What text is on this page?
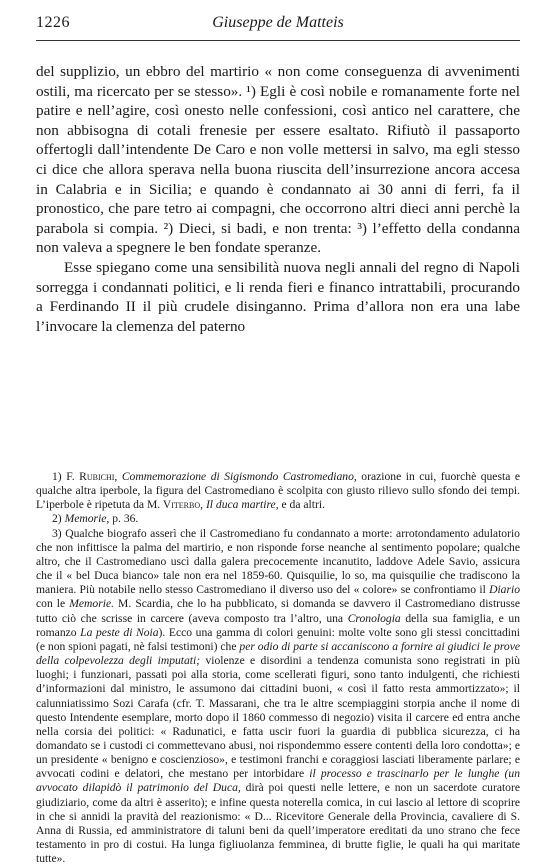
1226	Giuseppe de Matteis

del supplizio, un ebbro del martirio « non come conseguenza di avvenimenti ostili, ma ricercato per se stesso». ¹) Egli è così nobile e romanamente forte nel patire e nell’agire, così onesto nelle confessioni, così antico nel carattere, che non abbisogna di cotali frenesie per essere esaltato. Rifiutò il passaporto offertogli dall’intendente De Caro e non volle mettersi in salvo, ma egli stesso ci dice che allora sperava nella buona riuscita dell’insurrezione ancora accesa in Calabria e in Sicilia; e quando è condannato ai 30 anni di ferri, fa il pronostico, che pare tetro ai compagni, che occorrono altri dieci anni perchè la parabola si compia. ²) Dieci, si badi, e non trenta: ³) l’effetto della condanna non valeva a spegnere le ben fondate speranze.

Esse spiegano come una sensibilità nuova negli annali del regno di Napoli sorregga i condannati politici, e li renda fieri e financo intrattabili, procurando a Ferdinando II il più crudele disinganno. Prima d’allora non era una labe l’invocare la clemenza del paterno

1) F. Rubichi, Commemorazione di Sigismondo Castromediano, orazione in cui, fuorchè questa e qualche altra iperbole, la figura del Castromediano è scolpita con giusto rilievo sullo sfondo dei tempi. L’iperbole è ripetuta da M. Viterbo, Il duca martire, e da altri.

2) Memorie, p. 36.

3) Qualche biografo asserì che il Castromediano fu condannato a morte: arrotondamento adulatorio che non infittisce la palma del martirio, e non risponde forse neanche al sentimento popolare; qualche altro, che il Castromediano uscì dalla galera precocemente incanutito, laddove Adele Savio, assicura che il « bel Duca bianco» tale non era nel 1859-60. Quisquilie, lo so, ma quisquilie che tradiscono la maniera. Più notabile nello stesso Castromediano il diverso uso del « colore» se confrontiamo il Diario con le Memorie. M. Scardia, che lo ha pubblicato, si domanda se davvero il Castromediano distrusse tutto ciò che scrisse in carcere (aveva composto tra l’altro, una Cronologia della sua famiglia, e un romanzo La peste di Noia). Ecco una gamma di colori genuini: molte volte sono gli stessi concittadini (e non spioni pagati, nè falsi testimoni) che per odio di parte si accaniscono a fornire ai giudici le prove della colpevolezza degli imputati; violenze e disordini a tendenza comunista sono registrati in più luoghi; i funzionari, passati poi alla storia, come scellerati figuri, sono tanto indulgenti, che richiesti d’informazioni dal ministro, le assumono dai cittadini buoni, « così il fatto resta ammortizzato»; il calunniatissimo Sozi Carafa (cfr. T. Massarani, che tra le altre scempiaggini storpia anche il nome di questo Intendente esemplare, morto dopo il 1860 commesso di negozio) visita il carcere ed entra anche nella corsia dei politici: « Radunatici, e fatta uscir fuori la guardia di pubblica sicurezza, ci ha domandato se i custodi ci commettevano abusi, noi rispondemmo essere contenti della loro condotta»; e un presidente « benigno e coscienzioso», e testimoni franchi e coraggiosi lasciati liberamente parlare; e avvocati codini e delatori, che mestano per intorbidare il processo e trascinarlo per le lunghe (un avvocato dilapidò il patrimonio del Duca, dirà poi questi nelle lettere, e non un sacerdote curatore giudiziario, come da altri è asserito); e infine questa noterella comica, in cui lascio al lettore di scoprire in che si annidi la pravità del reazionismo: « D... Ricevitore Generale della Provincia, cavaliere di S. Anna di Russia, ed amministratore di taluni beni da quell’imperatore ereditati da uno strano che fece testamento in pro di costui. Ha lunga figliuolanza femminea, di brutte figlie, le quali ha qui maritate tutte».
